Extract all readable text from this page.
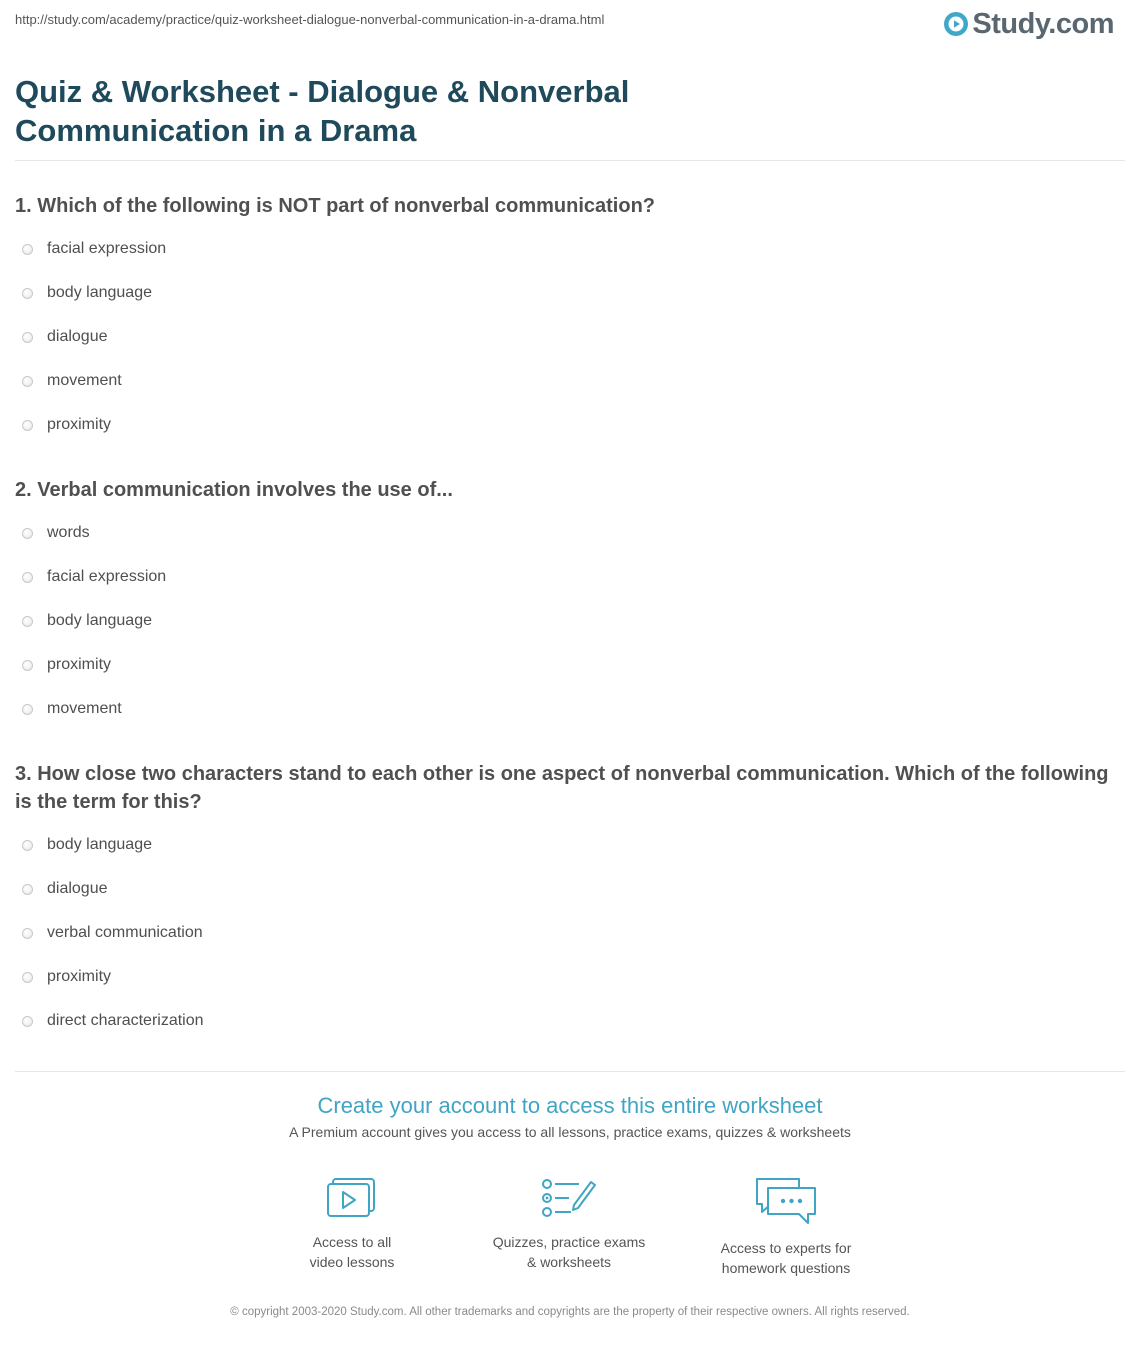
http://study.com/academy/practice/quiz-worksheet-dialogue-nonverbal-communication-in-a-drama.html	Study.com
Quiz & Worksheet - Dialogue & Nonverbal Communication in a Drama
1. Which of the following is NOT part of nonverbal communication?
facial expression
body language
dialogue
movement
proximity
2. Verbal communication involves the use of...
words
facial expression
body language
proximity
movement
3. How close two characters stand to each other is one aspect of nonverbal communication. Which of the following is the term for this?
body language
dialogue
verbal communication
proximity
direct characterization
Create your account to access this entire worksheet
A Premium account gives you access to all lessons, practice exams, quizzes & worksheets
Access to all
video lessons
Quizzes, practice exams
& worksheets
Access to experts for
homework questions
© copyright 2003-2020 Study.com. All other trademarks and copyrights are the property of their respective owners. All rights reserved.
